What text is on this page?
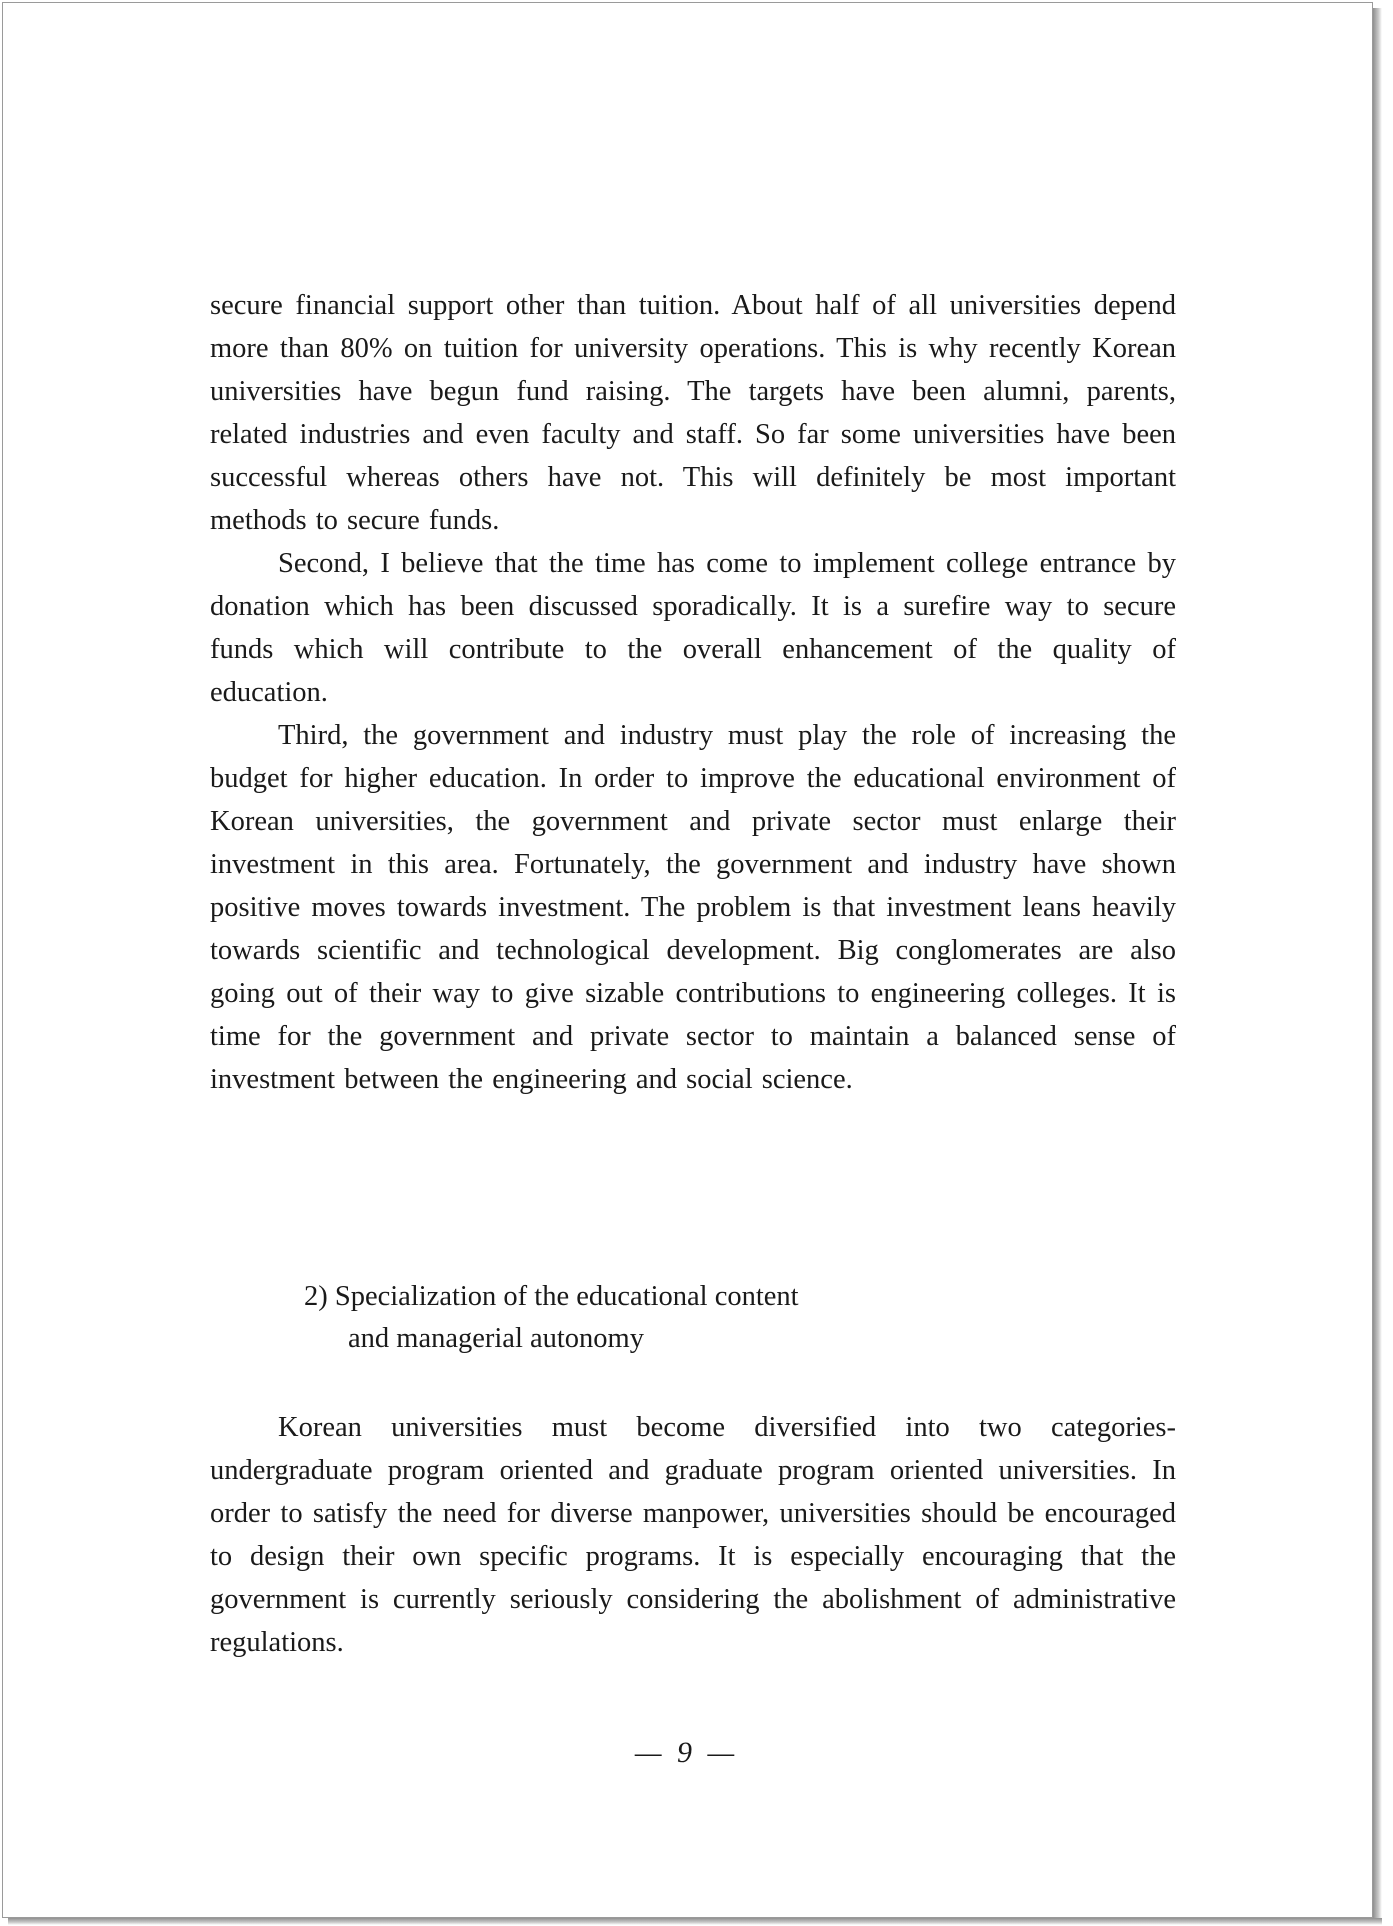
secure financial support other than tuition. About half of all universities depend more than 80% on tuition for university operations. This is why recently Korean universities have begun fund raising. The targets have been alumni, parents, related industries and even faculty and staff. So far some universities have been successful whereas others have not. This will definitely be most important methods to secure funds.

Second, I believe that the time has come to implement college entrance by donation which has been discussed sporadically. It is a surefire way to secure funds which will contribute to the overall enhancement of the quality of education.

Third, the government and industry must play the role of increasing the budget for higher education. In order to improve the educational environment of Korean universities, the government and private sector must enlarge their investment in this area. Fortunately, the government and industry have shown positive moves towards investment. The problem is that investment leans heavily towards scientific and technological development. Big conglomerates are also going out of their way to give sizable contributions to engineering colleges. It is time for the government and private sector to maintain a balanced sense of investment between the engineering and social science.

2) Specialization of the educational content
and managerial autonomy

Korean universities must become diversified into two categories-undergraduate program oriented and graduate program oriented universities. In order to satisfy the need for diverse manpower, universities should be encouraged to design their own specific programs. It is especially encouraging that the government is currently seriously considering the abolishment of administrative regulations.

— 9 —
